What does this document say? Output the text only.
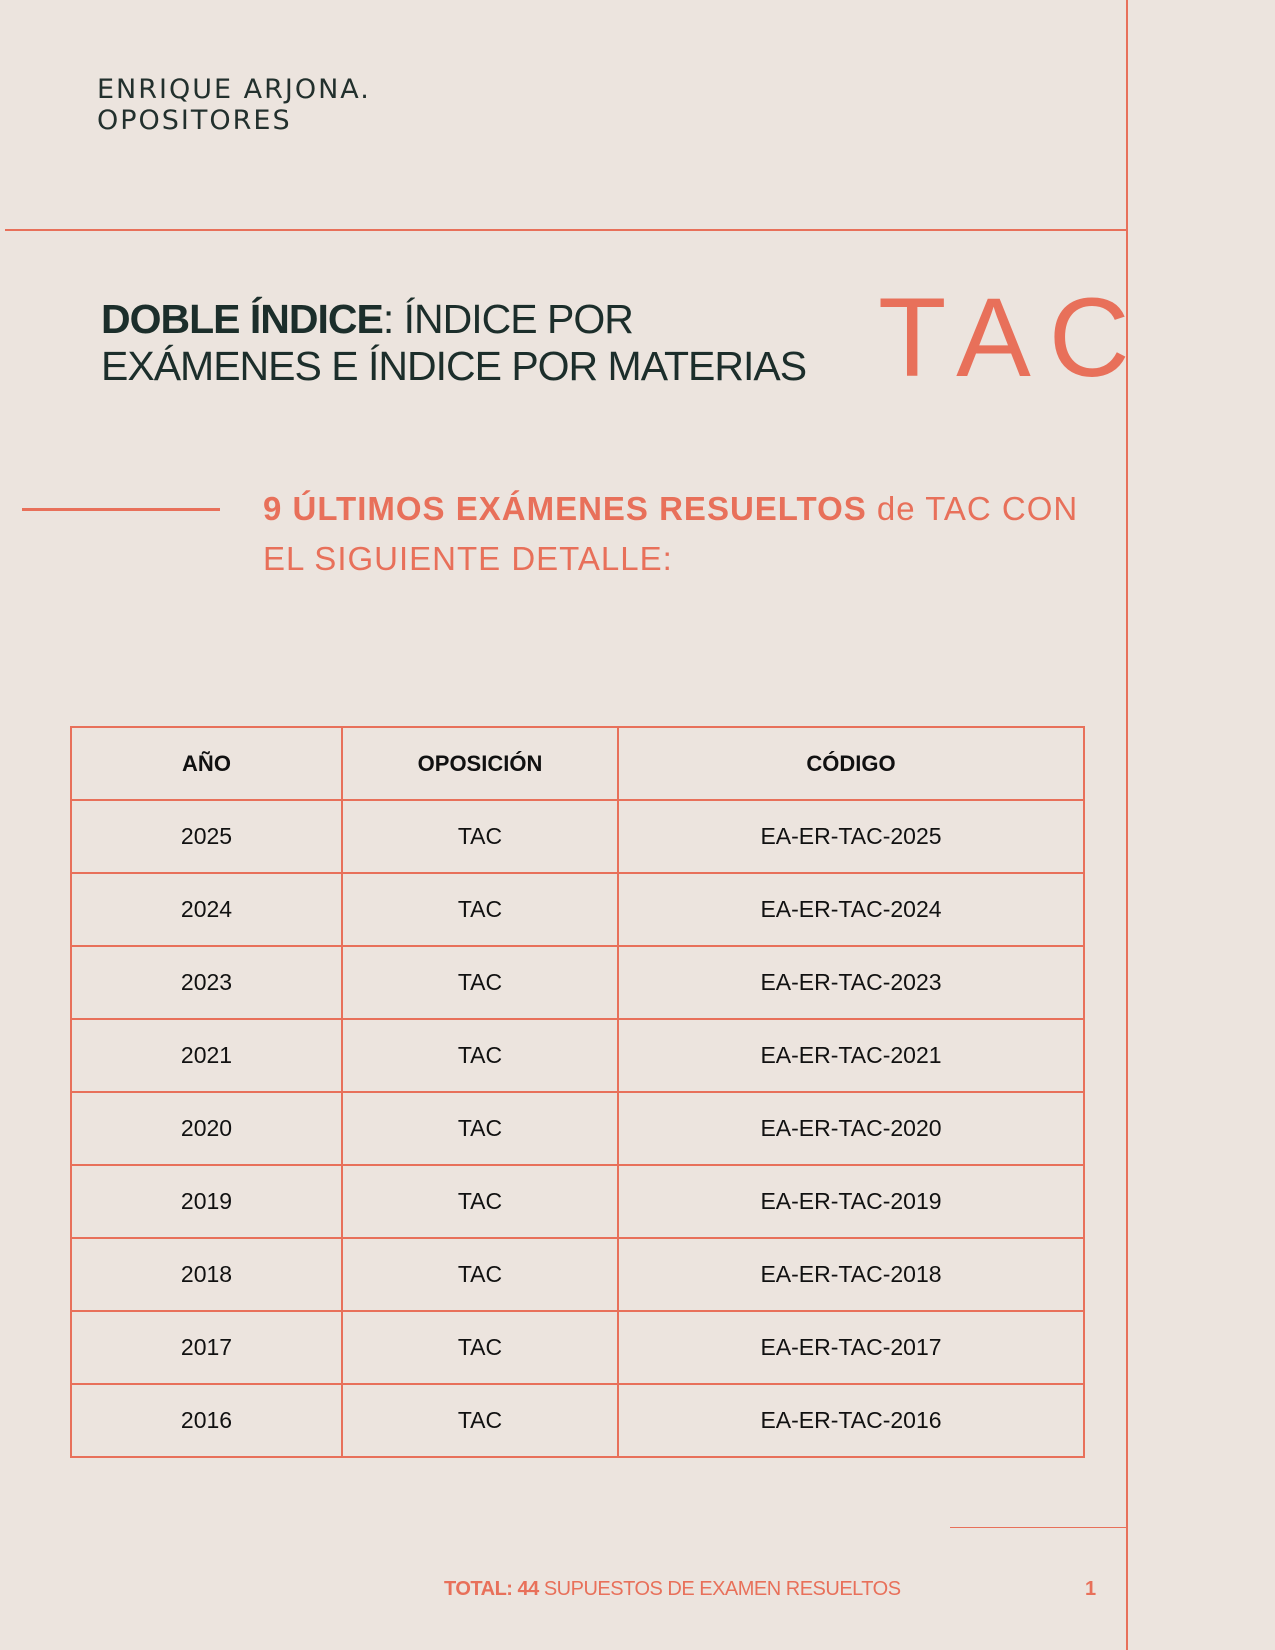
ENRIQUE ARJONA.
OPOSITORES
DOBLE ÍNDICE: ÍNDICE POR
EXÁMENES E ÍNDICE POR MATERIAS TAC
9 ÚLTIMOS EXÁMENES RESUELTOS de TAC CON
EL SIGUIENTE DETALLE:
AÑO	OPOSICIÓN	CÓDIGO
2025	TAC	EA-ER-TAC-2025
2024	TAC	EA-ER-TAC-2024
2023	TAC	EA-ER-TAC-2023
2021	TAC	EA-ER-TAC-2021
2020	TAC	EA-ER-TAC-2020
2019	TAC	EA-ER-TAC-2019
2018	TAC	EA-ER-TAC-2018
2017	TAC	EA-ER-TAC-2017
2016	TAC	EA-ER-TAC-2016
TOTAL: 44 SUPUESTOS DE EXAMEN RESUELTOS	1
